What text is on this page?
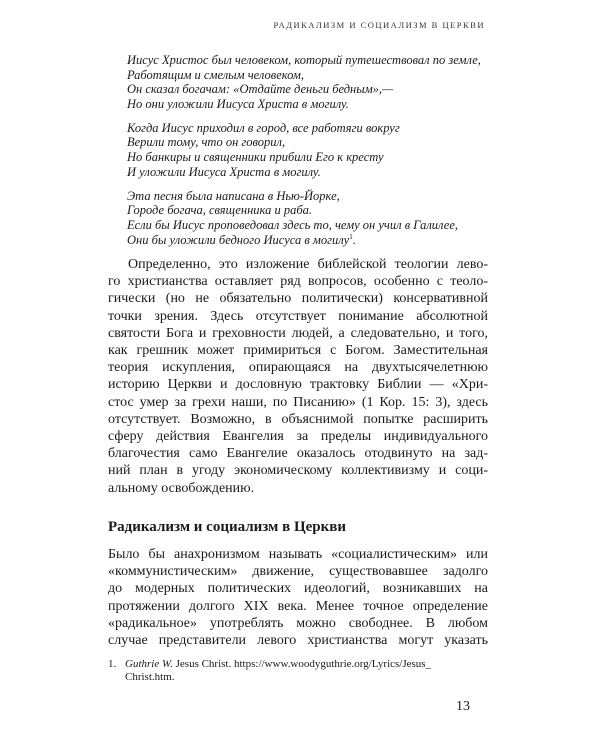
РАДИКАЛИЗМ И СОЦИАЛИЗМ В ЦЕРКВИ
Иисус Христос был человеком, который путешествовал по земле,
Работящим и смелым человеком,
Он сказал богачам: «Отдайте деньги бедным»,—
Но они уложили Иисуса Христа в могилу.
Когда Иисус приходил в город, все работяги вокруг
Верили тому, что он говорил,
Но банкиры и священники прибили Его к кресту
И уложили Иисуса Христа в могилу.
Эта песня была написана в Нью-Йорке,
Городе богача, священника и раба.
Если бы Иисус проповедовал здесь то, чему он учил в Галилее,
Они бы уложили бедного Иисуса в могилу$^1$.
Определенно, это изложение библейской теологии лево-
го христианства оставляет ряд вопросов, особенно с теоло-
гически (но не обязательно политически) консервативной
точки зрения. Здесь отсутствует понимание абсолютной
святости Бога и греховности людей, а следовательно, и того,
как грешник может примириться с Богом. Заместительная
теория искупления, опирающаяся на двухтысячелетнюю
историю Церкви и дословную трактовку Библии — «Хри-
стос умер за грехи наши, по Писанию» (1 Кор. 15: 3), здесь
отсутствует. Возможно, в объяснимой попытке расширить
сферу действия Евангелия за пределы индивидуального
благочестия само Евангелие оказалось отодвинуто на зад-
ний план в угоду экономическому коллективизму и соци-
альному освобождению.
Радикализм и социализм в Церкви
Было бы анахронизмом называть «социалистическим» или
«коммунистическим» движение, существовавшее задолго
до модерных политических идеологий, возникавших на
протяжении долгого XIX века. Менее точное определение
«радикальное» употреблять можно свободнее. В любом
случае представители левого христианства могут указать
1. Guthrie W. Jesus Christ. https://www.woodyguthrie.org/Lyrics/Jesus_
Christ.htm.
13
